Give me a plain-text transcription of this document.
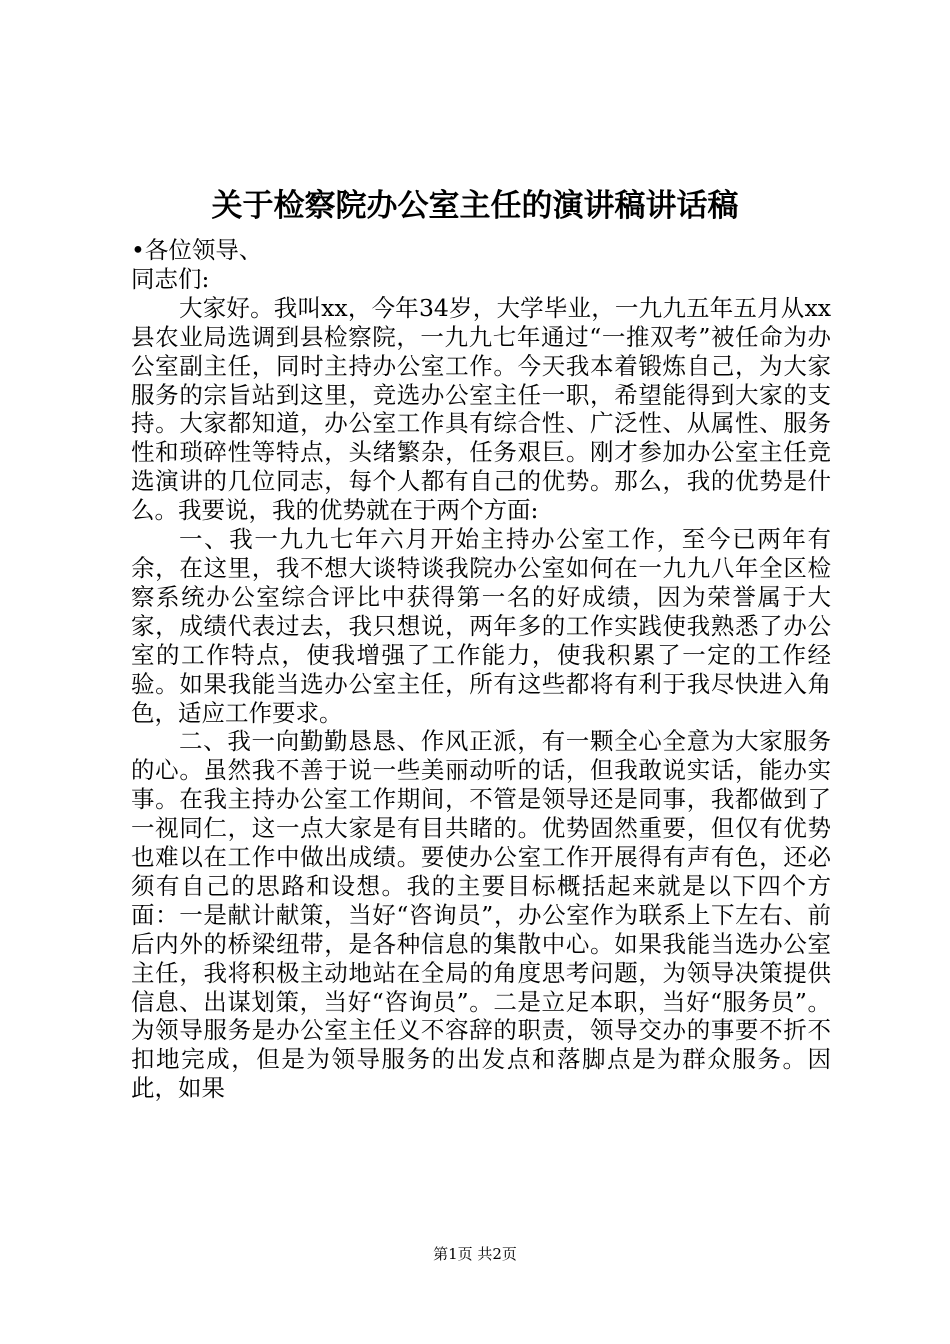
关于检察院办公室主任的演讲稿讲话稿

•各位领导、

同志们:

大家好。我叫xx，今年34岁，大学毕业，一九九五年五月从xx县农业局选调到县检察院，一九九七年通过“一推双考”被任命为办公室副主任，同时主持办公室工作。今天我本着锻炼自己，为大家服务的宗旨站到这里，竞选办公室主任一职，希望能得到大家的支持。大家都知道，办公室工作具有综合性、广泛性、从属性、服务性和琐碎性等特点，头绪繁杂，任务艰巨。刚才参加办公室主任竞选演讲的几位同志，每个人都有自己的优势。那么，我的优势是什么。我要说，我的优势就在于两个方面:

一、我一九九七年六月开始主持办公室工作，至今已两年有余，在这里，我不想大谈特谈我院办公室如何在一九九八年全区检察系统办公室综合评比中获得第一名的好成绩，因为荣誉属于大家，成绩代表过去，我只想说，两年多的工作实践使我熟悉了办公室的工作特点，使我增强了工作能力，使我积累了一定的工作经验。如果我能当选办公室主任，所有这些都将有利于我尽快进入角色，适应工作要求。

二、我一向勤勤恳恳、作风正派，有一颗全心全意为大家服务的心。虽然我不善于说一些美丽动听的话，但我敢说实话，能办实事。在我主持办公室工作期间，不管是领导还是同事，我都做到了一视同仁，这一点大家是有目共睹的。优势固然重要，但仅有优势也难以在工作中做出成绩。要使办公室工作开展得有声有色，还必须有自己的思路和设想。我的主要目标概括起来就是以下四个方面：一是献计献策，当好“咨询员”，办公室作为联系上下左右、前后内外的桥梁纽带，是各种信息的集散中心。如果我能当选办公室主任，我将积极主动地站在全局的角度思考问题，为领导决策提供信息、出谋划策，当好“咨询员”。二是立足本职，当好“服务员”。为领导服务是办公室主任义不容辞的职责，领导交办的事要不折不扣地完成，但是为领导服务的出发点和落脚点是为群众服务。因此，如果

第1页 共2页
